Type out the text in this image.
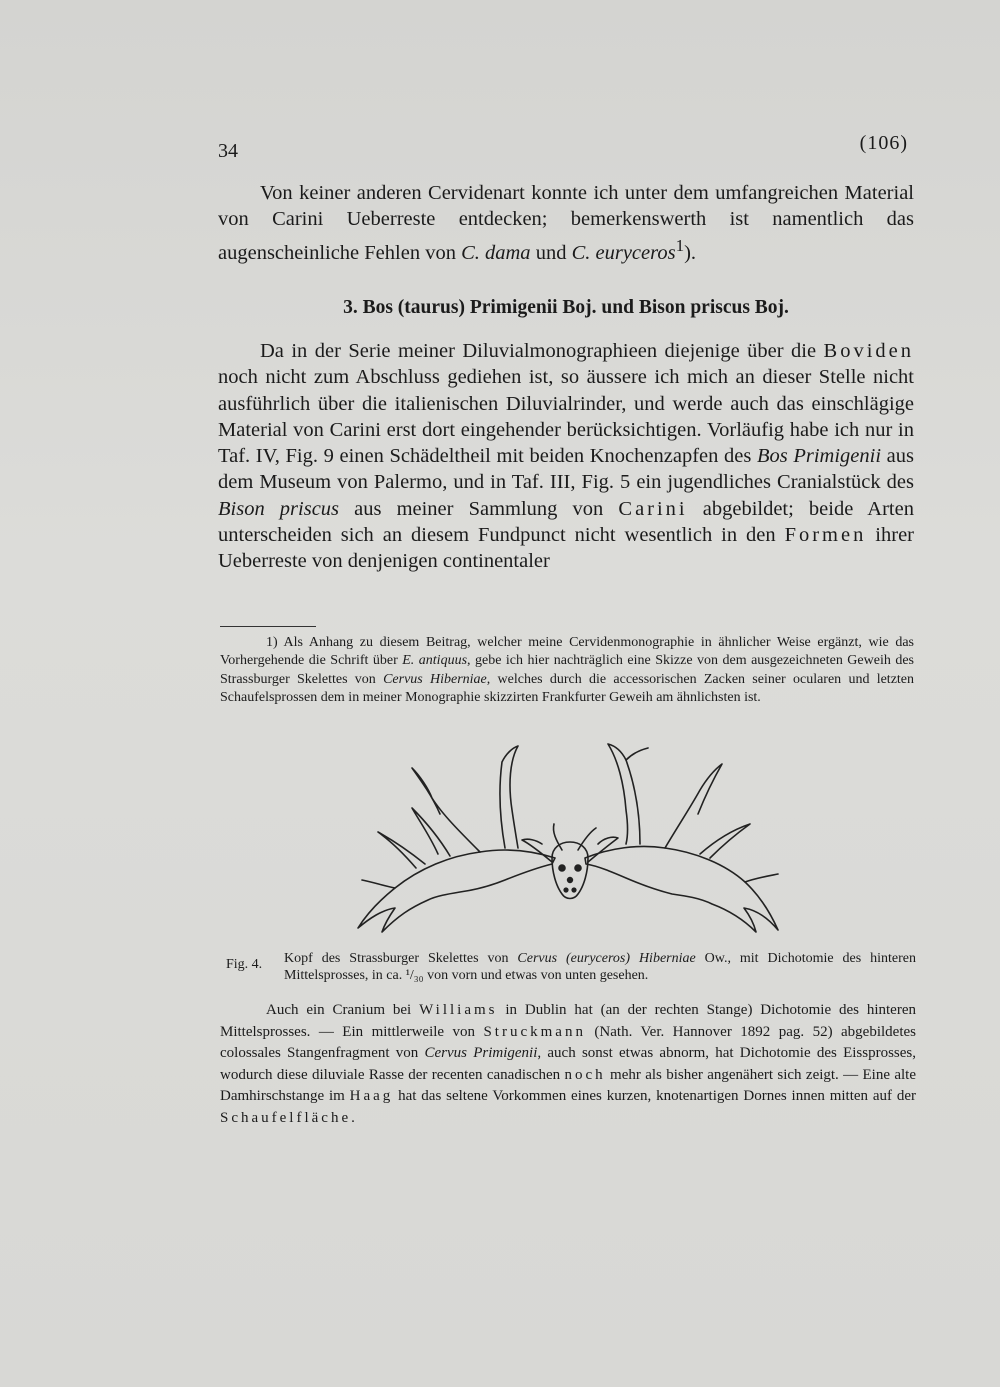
34	(106)
Von keiner anderen Cervidenart konnte ich unter dem umfangreichen Material von Carini Ueberreste entdecken; bemerkenswerth ist namentlich das augenscheinliche Fehlen von C. dama und C. euryceros$^1$).
3. Bos (taurus) Primigenii Boj. und Bison priscus Boj.
Da in der Serie meiner Diluvialmonographieen diejenige über die Boviden noch nicht zum Abschluss gediehen ist, so äussere ich mich an dieser Stelle nicht ausführlich über die italienischen Diluvialrinder, und werde auch das einschlägige Material von Carini erst dort eingehender berücksichtigen. Vorläufig habe ich nur in Taf. IV, Fig. 9 einen Schädeltheil mit beiden Knochenzapfen des Bos Primigenii aus dem Museum von Palermo, und in Taf. III, Fig. 5 ein jugendliches Cranialstück des Bison priscus aus meiner Sammlung von Carini abgebildet; beide Arten unterscheiden sich an diesem Fundpunct nicht wesentlich in den Formen ihrer Ueberreste von denjenigen continentaler
1) Als Anhang zu diesem Beitrag, welcher meine Cervidenmonographie in ähnlicher Weise ergänzt, wie das Vorhergehende die Schrift über E. antiquus, gebe ich hier nachträglich eine Skizze von dem ausgezeichneten Geweih des Strassburger Skelettes von Cervus Hiberniae, welches durch die accessorischen Zacken seiner ocularen und letzten Schaufelsprossen dem in meiner Monographie skizzirten Frankfurter Geweih am ähnlichsten ist.
Fig. 4. Kopf des Strassburger Skelettes von Cervus (euryceros) Hiberniae Ow., mit Dichotomie des hinteren Mittelsprosses, in ca. ¹/₃₀ von vorn und etwas von unten gesehen.
Auch ein Cranium bei Williams in Dublin hat (an der rechten Stange) Dichotomie des hinteren Mittelsprosses. — Ein mittlerweile von Struckmann (Nath. Ver. Hannover 1892 pag. 52) abgebildetes colossales Stangenfragment von Cervus Primigenii, auch sonst etwas abnorm, hat Dichotomie des Eissprosses, wodurch diese diluviale Rasse der recenten canadischen noch mehr als bisher angenähert sich zeigt. — Eine alte Damhirschstange im Haag hat das seltene Vorkommen eines kurzen, knotenartigen Dornes innen mitten auf der Schaufelfläche.
